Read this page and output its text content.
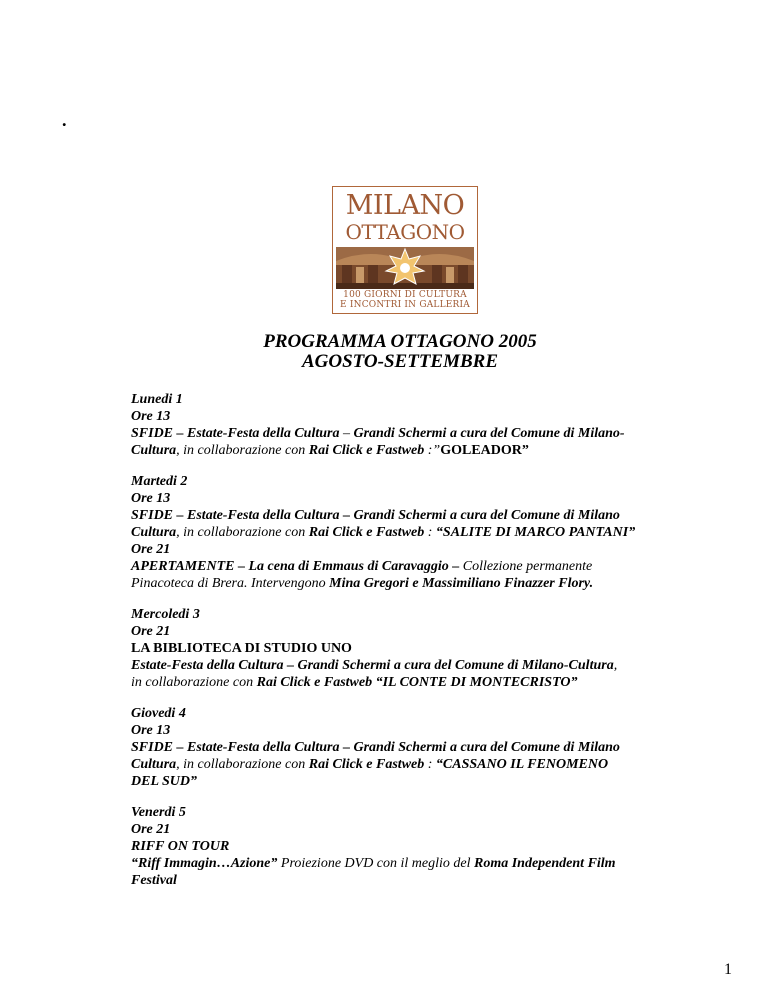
.
MILANO
OTTAGONO
100 GIORNI DI CULTURA
E INCONTRI IN GALLERIA
PROGRAMMA OTTAGONO 2005
AGOSTO-SETTEMBRE
Lunedi 1
Ore 13
SFIDE – Estate-Festa della Cultura – Grandi Schermi a cura del Comune di Milano-
Cultura, in collaborazione con Rai Click e Fastweb :”GOLEADOR”
Martedi 2
Ore 13
SFIDE – Estate-Festa della Cultura – Grandi Schermi a cura del Comune di Milano
Cultura, in collaborazione con Rai Click e Fastweb : “SALITE DI MARCO PANTANI”
Ore 21
APERTAMENTE – La cena di Emmaus di Caravaggio – Collezione permanente
Pinacoteca di Brera. Intervengono Mina Gregori e Massimiliano Finazzer Flory.
Mercoledi 3
Ore 21
LA BIBLIOTECA DI STUDIO UNO
Estate-Festa della Cultura – Grandi Schermi a cura del Comune di Milano-Cultura,
in collaborazione con Rai Click e Fastweb “IL CONTE DI MONTECRISTO”
Giovedi 4
Ore 13
SFIDE – Estate-Festa della Cultura – Grandi Schermi a cura del Comune di Milano
Cultura, in collaborazione con Rai Click e Fastweb : “CASSANO IL FENOMENO
DEL SUD”
Venerdi 5
Ore 21
RIFF ON TOUR
“Riff Immagin…Azione” Proiezione DVD con il meglio del Roma Independent Film
Festival
1
